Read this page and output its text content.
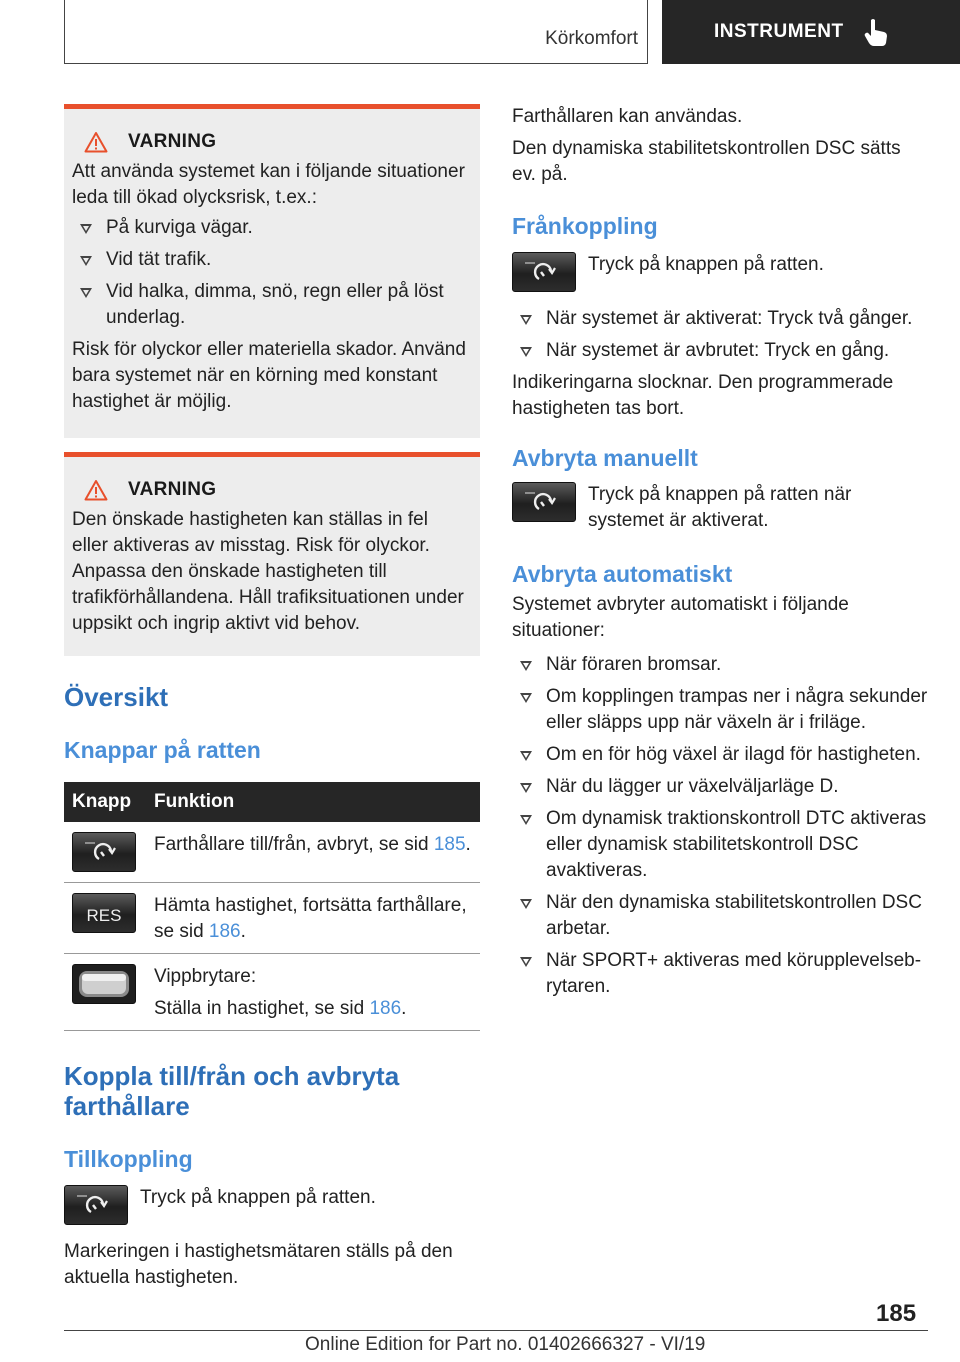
Körkomfort	INSTRUMENT
VARNING

Att använda systemet kan i följande situationer leda till ökad olycksrisk, t.ex.:

På kurviga vägar.
Vid tät trafik.
Vid halka, dimma, snö, regn eller på löst underlag.

Risk för olyckor eller materiella skador. Använd bara systemet när en körning med konstant hastighet är möjlig.

VARNING

Den önskade hastigheten kan ställas in fel eller aktiveras av misstag. Risk för olyckor. Anpassa den önskade hastigheten till trafikförhållandena. Håll trafiksituationen under uppsikt och ingrip aktivt vid behov.

Översikt
Knappar på ratten
Knapp	Funktion

	Farthållare till/från, avbryt, se sid 185.

RES	Hämta hastighet, fortsätta farthållare, se sid 186.

Vippbrytare:
Ställa in hastighet, se sid 186.
Koppla till/från och avbryta farthållare
Tillkoppling

Tryck på knappen på ratten.

Markeringen i hastighetsmätaren ställs på den aktuella hastigheten.

Farthållaren kan användas.

Den dynamiska stabilitetskontrollen DSC sätts ev. på.

Frånkoppling

Tryck på knappen på ratten.

När systemet är aktiverat: Tryck två gånger.
När systemet är avbrutet: Tryck en gång.

Indikeringarna slocknar. Den programmerade hastigheten tas bort.

Avbryta manuellt

Tryck på knappen på ratten när systemet är aktiverat.

Avbryta automatiskt

Systemet avbryter automatiskt i följande situationer:

När föraren bromsar.
Om kopplingen trampas ner i några sekunder eller släpps upp när växeln är i friläge.
Om en för hög växel är ilagd för hastigheten.
När du lägger ur växelväljarläge D.
Om dynamisk traktionskontroll DTC aktiveras eller dynamisk stabilitetskontroll DSC avaktiveras.
När den dynamiska stabilitetskontrollen DSC arbetar.
När SPORT+ aktiveras med körupplevelsebrytaren.
185
Online Edition for Part no. 01402666327 - VI/19
